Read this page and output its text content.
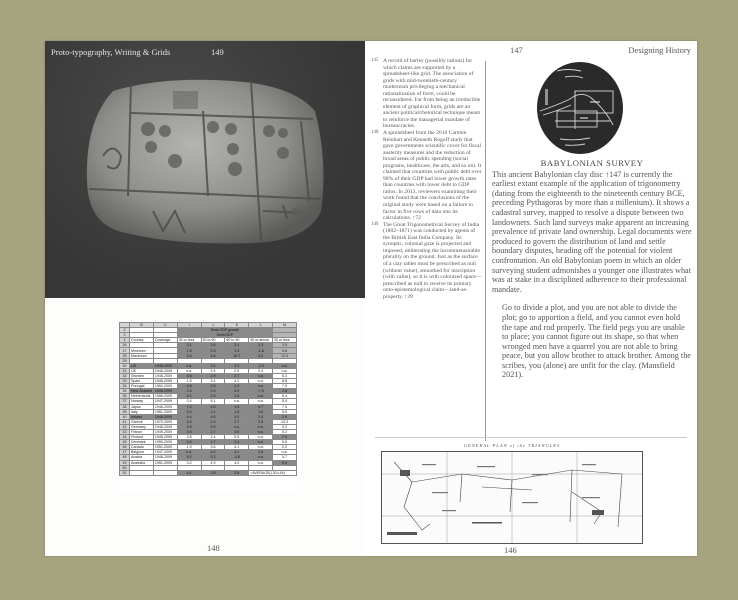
Proto-typography, Writing & Grids	149
	B	C	I	J	K	L	M
2			Real GDP growth				
3			Debt/GDP				
4	Country	Coverage	30 or less	30 to 60	60 to 90	90 or above	30 or less
26			3.1	3.6	3.1	1.3	3.5
27	Minimum		1.5	0.3	1.3	-1.8	0.8
28	Maximum		5.4	4.6	10.7	3.2	13.3
29							
30	US	1946-2009	n.a.	3.4	3.3	-2.0	n.a.
31	UK	1946-2009	n.a.	2.4	2.5	2.4	n.a.
32	Sweden	1946-2009	3.6	2.9	2.7	n.a.	6.3
33	Spain	1946-2009	1.5	3.4	4.2	n.a.	8.8
34	Portugal	1952-2009	4.8	2.5	0.3	n.a.	7.9
35	New Zealand	1948-2009	2.5	2.9	3.9	-7.9	2.6
36	Netherlands	1956-2009	4.1	2.6	1.8	n.a.	6.4
37	Norway	1947-2009	3.4	5.1	n.a.	n.a.	5.4
38	Japan	1946-2009	7.0	4.0	1.0	0.7	7.0
39	Italy	1951-2009	5.4	2.1	1.8	1.0	5.6
40	Ireland	1948-2009	4.4	4.5	4.0	2.4	2.9
41	Greece	1970-2009	4.0	0.3	2.7	2.9	13.3
42	Germany	1946-2009	3.9	0.9	n.a.	n.a.	3.2
43	France	1949-2009	4.9	2.7	3.0	n.a.	5.2
44	Finland	1946-2009	3.8	2.4	5.5	n.a.	7.0
45	Denmark	1950-2009	3.5	1.7	2.4	n.a.	5.6
46	Canada	1951-2009	1.9	3.6	4.1	n.a.	2.2
47	Belgium	1947-2009	n.a.	4.2	3.1	2.6	n.a.
48	Austria	1948-2009	5.2	3.3	-3.8	n.a.	5.7
49	Australia	1951-2009	3.2	4.9	4.0	n.a.	5.9
50							
51			4.1	2.8	2.8	=AVERAGE(L30:L44)	
148
147	Designing History

145 A record of barley (possibly rations) for which claims are supported by a spreadsheet-like grid. The association of grids with mid-twentieth-century modernism privileging a mechanical rationalization of form, could be reconsidered. Far from being an irreducible element of graphical form, grids are an ancient political/rhetorical technique meant to reinforce the managerial mandate of bureaucracies.

148 A spreadsheet from the 2010 Carmen Reinhart and Kenneth Rogoff study that gave governments scientific cover for fiscal austerity measures and the reduction of broad areas of public spending (social programs, healthcare, the arts, and so on). It claimed that countries with public debt over 90% of their GDP had lower growth rates than countries with lower debt to GDP ratios. In 2013, reviewers examining their work found that the conclusions of the original study were based on a failure to factor in five rows of data into its calculations. ↑72

146 The Great Trigonometrical Survey of India (1802–1871) was conducted by agents of the British East India Company. Its synoptic, colonial gaze is projected and imposed, obliterating the incommensurable plurality on the ground. Just as the surface of a clay tablet must be prescribed as null (without value), smoothed for inscription (with value), so it is with colonized space—prescribed as null to receive its primary onto-epistemological claim—land-as-property. ↑39

BABYLONIAN SURVEY

This ancient Babylonian clay disc ↑147 is currently the earliest extant example of the application of trigonometry (dating from the eighteenth to the nineteenth century BCE, preceding Pythagoras by more than a millenium). It shows a cadastral survey, mapped to resolve a dispute between two landowners. Such land surveys make apparent an increasing prevalence of private land ownership. Legal documents were produced to govern the distribution of land and settle boundary disputes, heading off the potential for violent confrontation. An old Babylonian poem in which an older surveying student admonishes a younger one illustrates what was at stake in a disciplined adherence to their professional mandate.

Go to divide a plot, and you are not able to divide the plot; go to apportion a field, and you cannot even hold the tape and rod properly. The field pegs you are unable to place; you cannot figure out its shape, so that when wronged men have a quarrel you are not able to bring peace, but you allow brother to attack brother. Among the scribes, you (alone) are unfit for the clay. (Mansfield 2021).

GENERAL PLAN of the TRIANGLES
146
